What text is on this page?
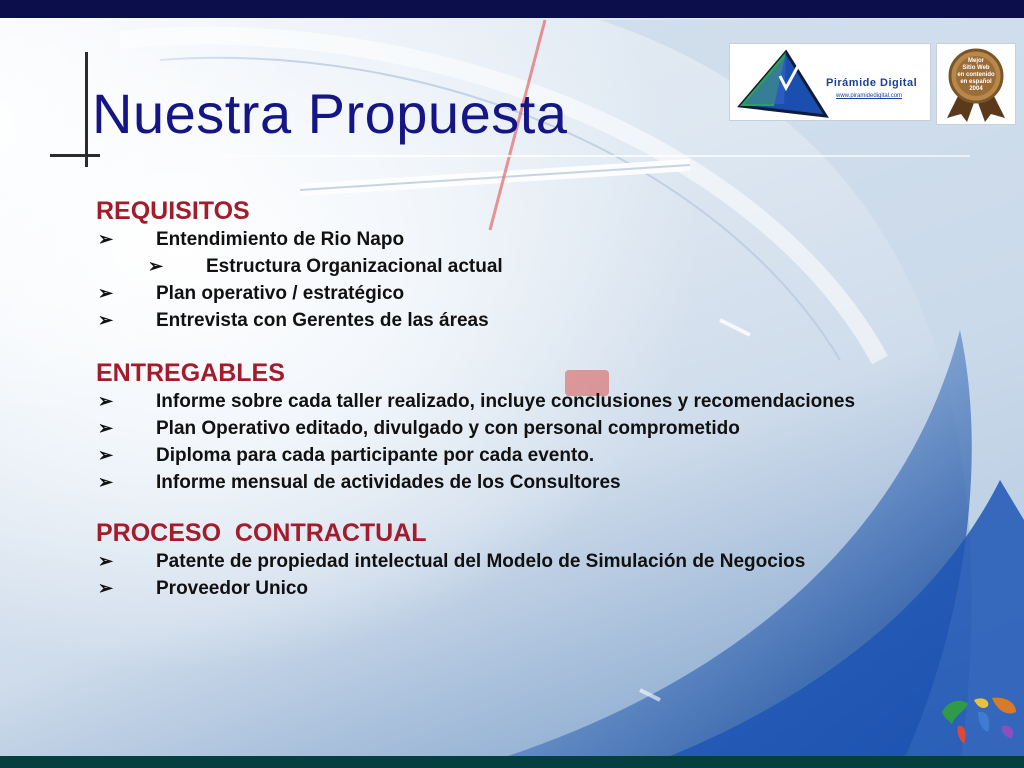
Nuestra Propuesta	Pirámide Digital
www.piramidedigital.com
Mejor
Sitio Web
en contenido
en español
2004
REQUISITOS
➢ Entendimiento de Rio Napo
➢ Estructura Organizacional actual
➢ Plan operativo / estratégico
➢ Entrevista con Gerentes de las áreas
ENTREGABLES
➢ Informe sobre cada taller realizado, incluye conclusiones y recomendaciones
➢ Plan Operativo editado, divulgado y con personal comprometido
➢ Diploma para cada participante por cada evento.
➢ Informe mensual de actividades de los Consultores
PROCESO  CONTRACTUAL
➢ Patente de propiedad intelectual del Modelo de Simulación de Negocios
➢ Proveedor Unico
